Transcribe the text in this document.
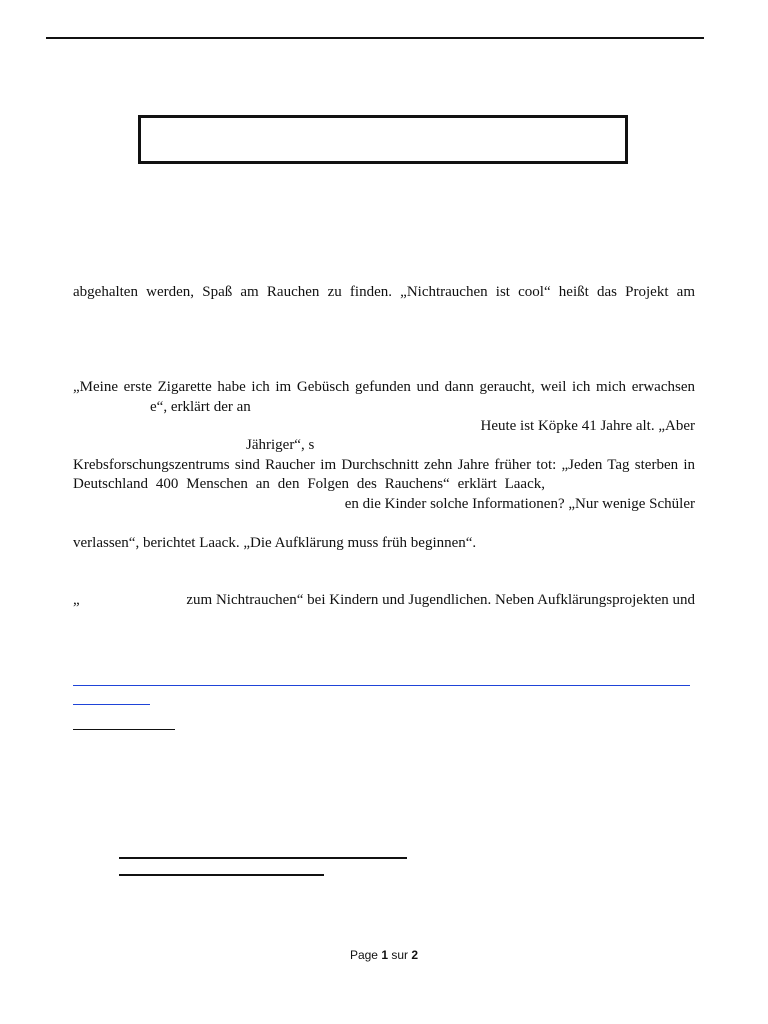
abgehalten werden, Spaß am Rauchen zu finden. „Nichtrauchen ist cool“ heißt das Projekt am
„Meine erste Zigarette habe ich im Gebüsch gefunden und dann geraucht, weil ich mich erwachsen
e“, erklärt der an
Heute ist Köpke 41 Jahre alt. „Aber
Jähriger“, s
Krebsforschungszentrums sind Raucher im Durchschnitt zehn Jahre früher tot: „Jeden Tag sterben in
Deutschland 400 Menschen an den Folgen des Rauchens“ erklärt Laack,
en die Kinder solche Informationen? „Nur wenige Schüler
verlassen“, berichtet Laack. „Die Aufklärung muss früh beginnen“.
„	zum Nichtrauchen“ bei Kindern und Jugendlichen. Neben Aufklärungsprojekten und
Page 1 sur 2
